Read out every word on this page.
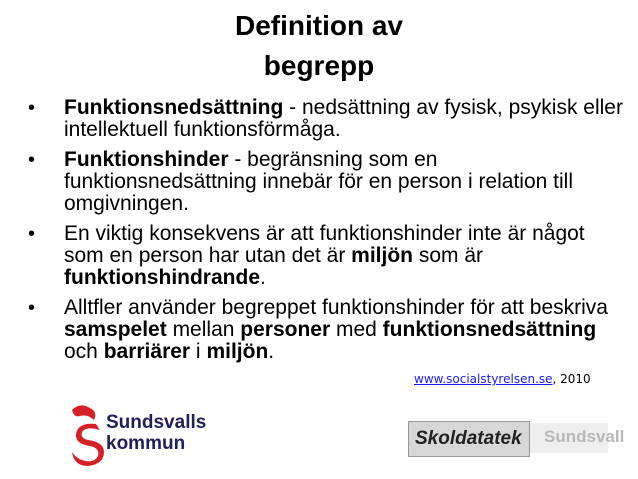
Definition av
begrepp
• Funktionsnedsättning - nedsättning av fysisk, psykisk eller intellektuell funktionsförmåga.
• Funktionshinder - begränsning som en funktionsnedsättning innebär för en person i relation till omgivningen.
• En viktig konsekvens är att funktionshinder inte är något som en person har utan det är miljön som är funktionshindrande.
• Alltfler använder begreppet funktionshinder för att beskriva samspelet mellan personer med funktionsnedsättning och barriärer i miljön.
www.socialstyrelsen.se, 2010
Sundsvalls
kommun	Skoldatatek Sundsvall
